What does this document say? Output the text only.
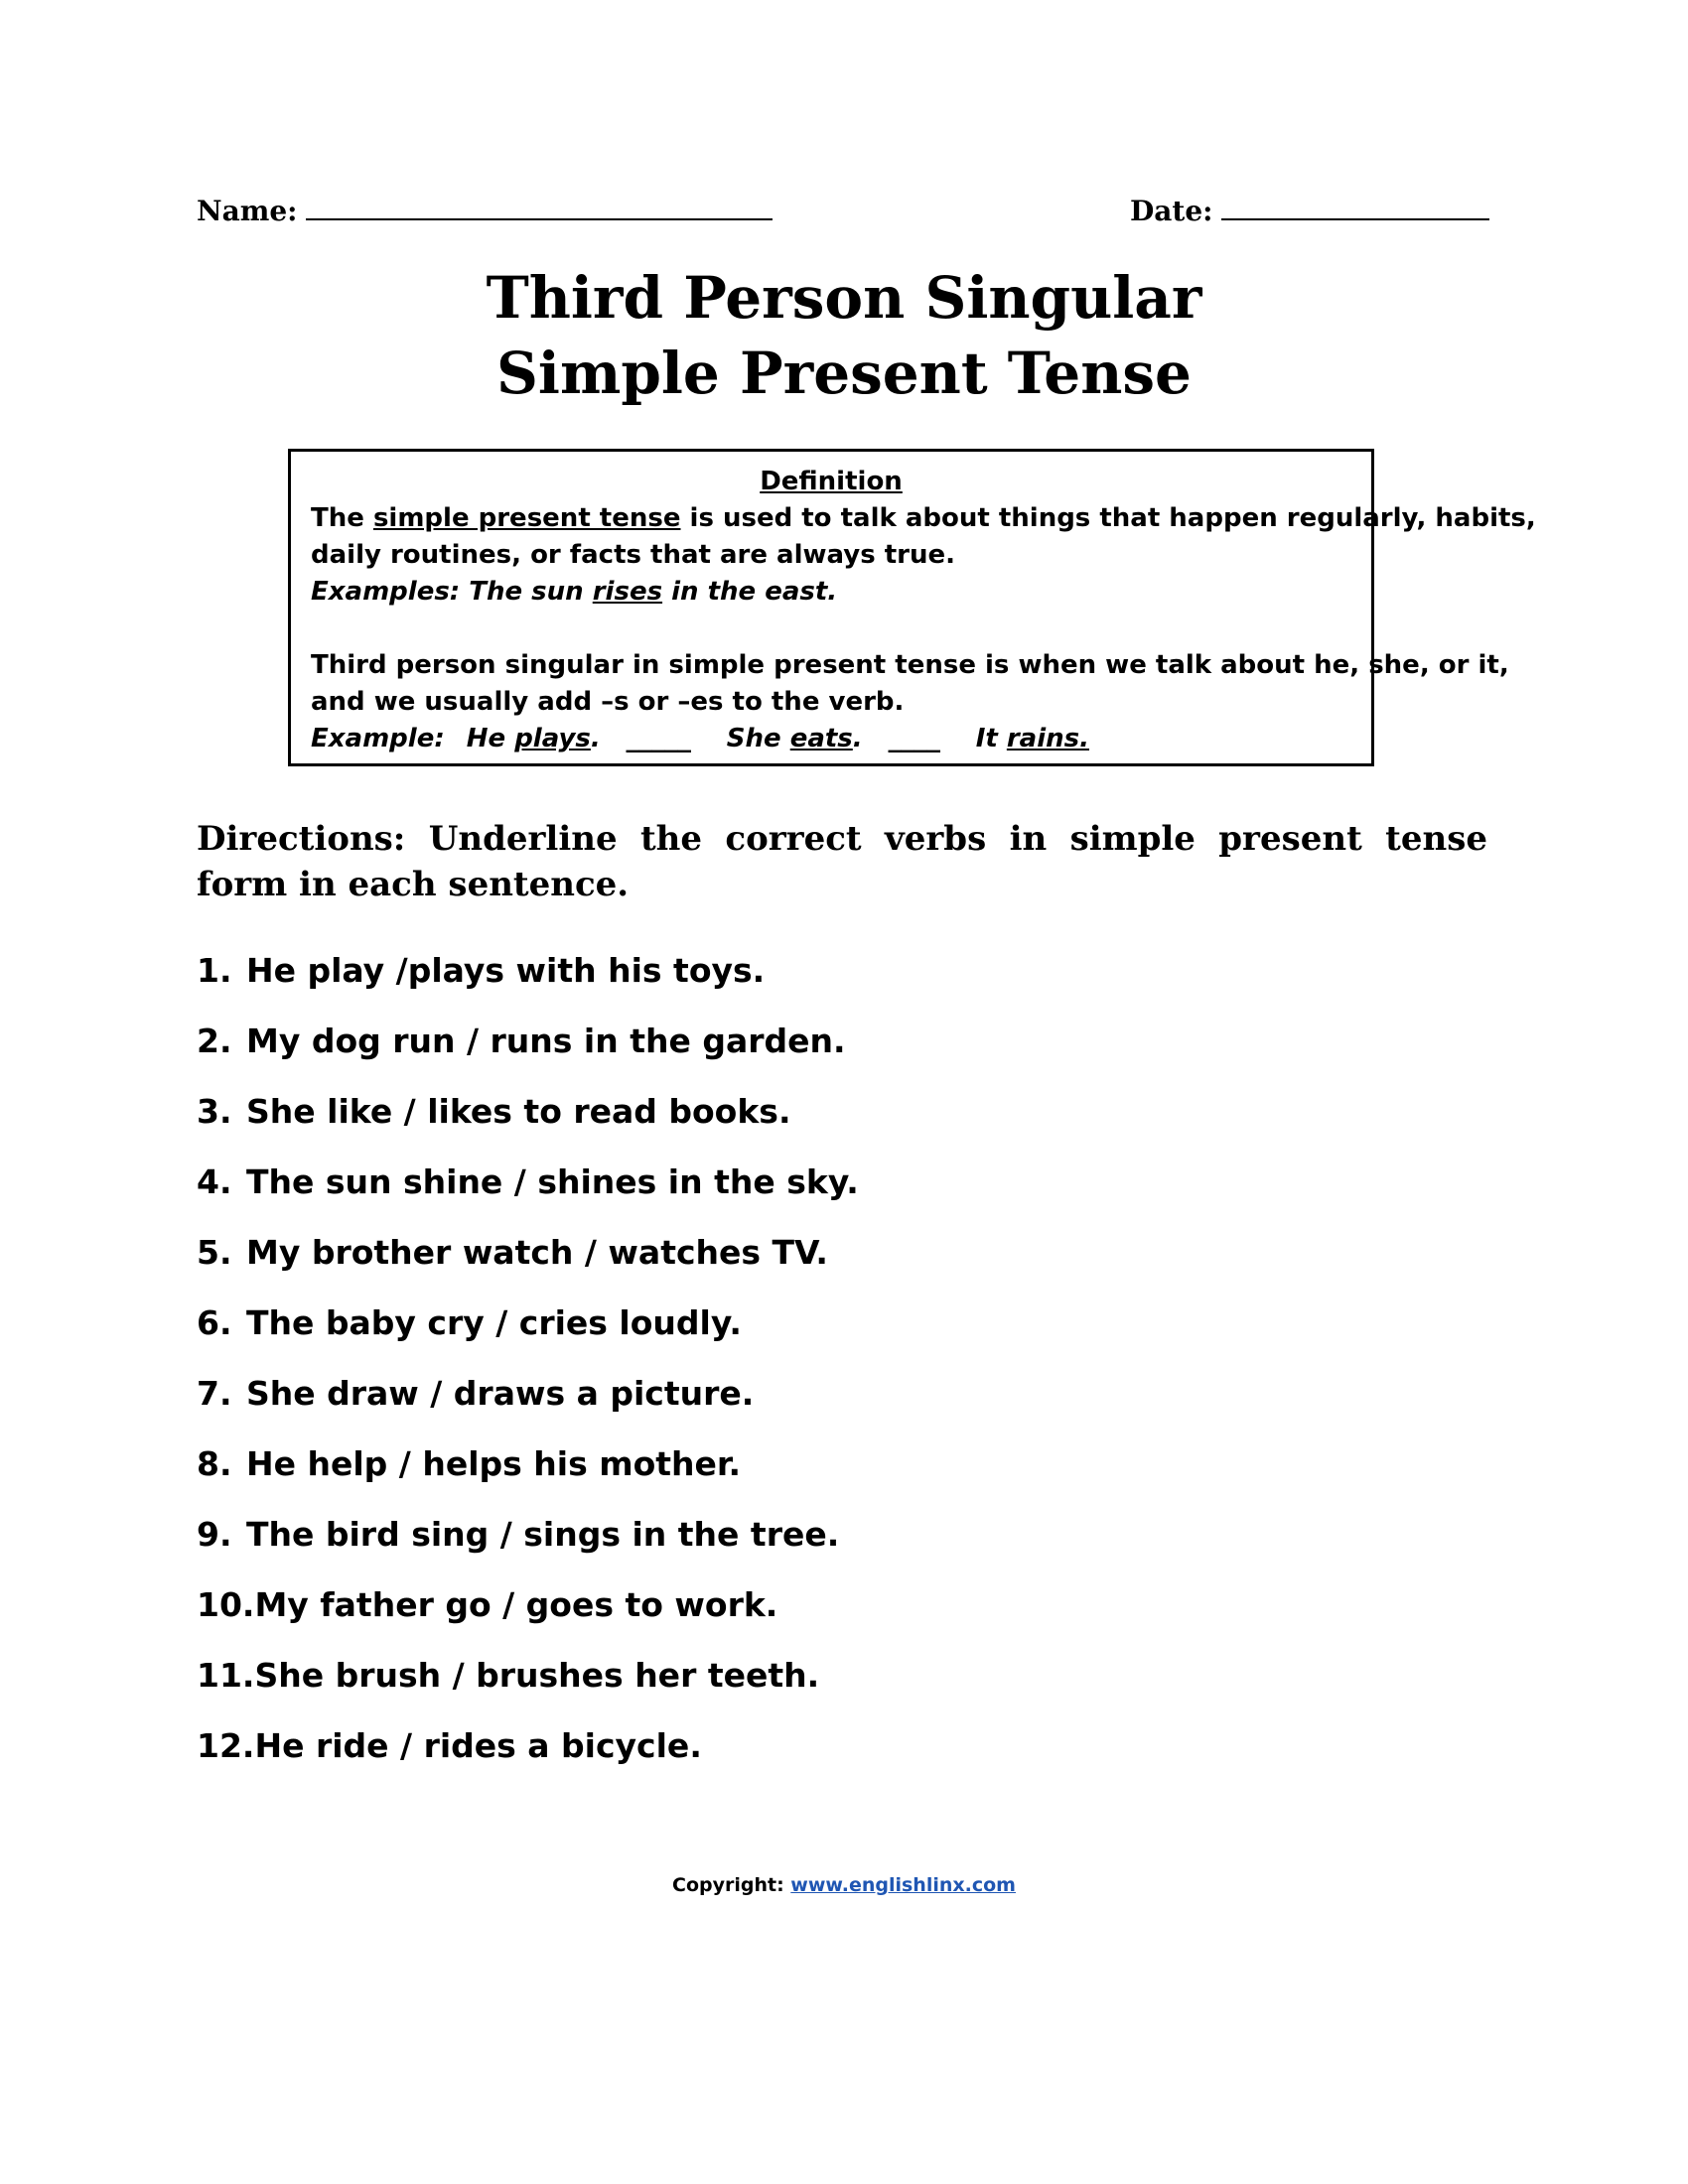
Name:	Date:
Third Person Singular
Simple Present Tense
Definition
The simple present tense is used to talk about things that happen regularly, habits,
daily routines, or facts that are always true.
Examples: The sun rises in the east.
Third person singular in simple present tense is when we talk about he, she, or it,
and we usually add –s or –es to the verb.
Example: He plays. _____ She eats. ____ It rains.
Directions: Underline the correct verbs in simple present tense form in each sentence.
1. He play /plays with his toys.
2. My dog run / runs in the garden.
3. She like / likes to read books.
4. The sun shine / shines in the sky.
5. My brother watch / watches TV.
6. The baby cry / cries loudly.
7. She draw / draws a picture.
8. He help / helps his mother.
9. The bird sing / sings in the tree.
10. My father go / goes to work.
11. She brush / brushes her teeth.
12. He ride / rides a bicycle.
Copyright: www.englishlinx.com
